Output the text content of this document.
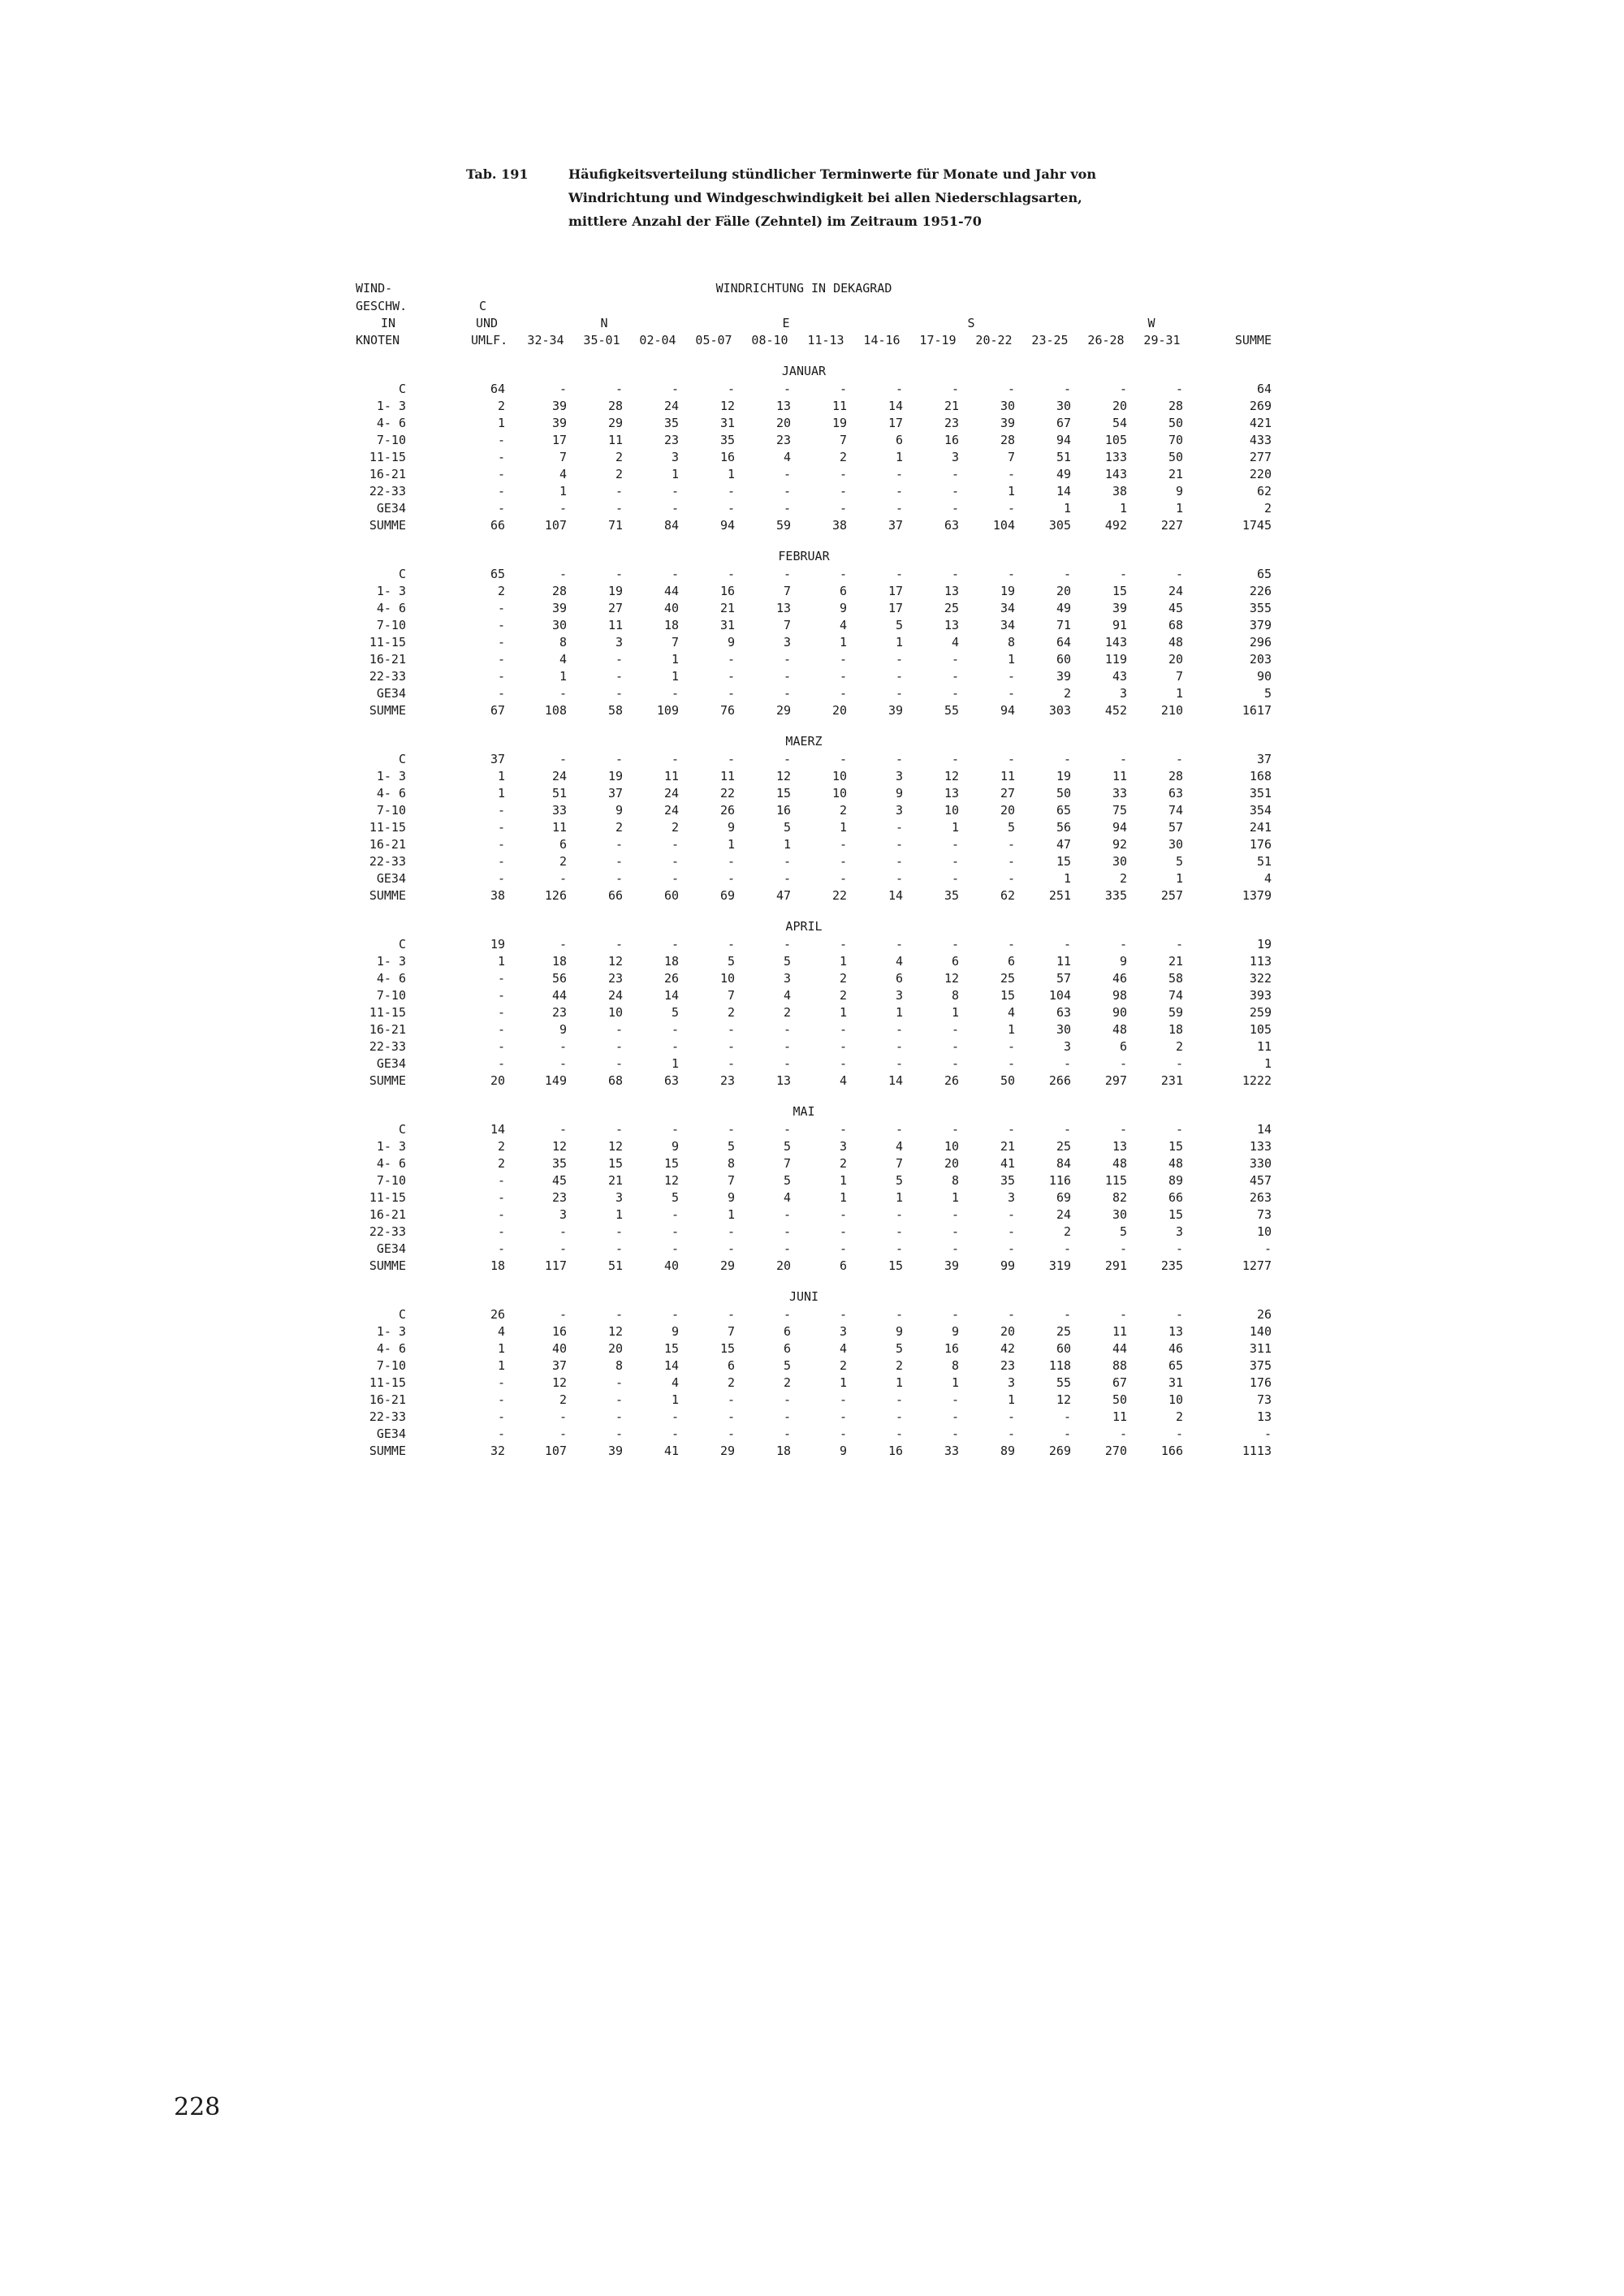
Tab. 191	Häufigkeitsverteilung stündlicher Terminwerte für Monate und Jahr von
Windrichtung und Windgeschwindigkeit bei allen Niederschlagsarten,
mittlere Anzahl der Fälle (Zehntel) im Zeitraum 1951-70
WIND-
GESCHW.
IN
KNOTEN
WINDRICHTUNG IN DEKAGRAD
C
UND
UMLF.
N	E	S	W
32-34 35-01 02-04 05-07 08-10 11-13 14-16 17-19 20-22 23-25 26-28 29-31	SUMME
JANUAR
C	64	-	-	-	-	-	-	-	-	-	-	-	-	64
1- 3	2	39	28	24	12	13	11	14	21	30	30	20	28	269
4- 6	1	39	29	35	31	20	19	17	23	39	67	54	50	421
7-10	-	17	11	23	35	23	7	6	16	28	94	105	70	433
11-15	-	7	2	3	16	4	2	1	3	7	51	133	50	277
16-21	-	4	2	1	1	-	-	-	-	-	49	143	21	220
22-33	-	1	-	-	-	-	-	-	-	1	14	38	9	62
GE34	-	-	-	-	-	-	-	-	-	-	1	1	1	2
SUMME	66	107	71	84	94	59	38	37	63	104	305	492	227	1745
FEBRUAR
C	65	-	-	-	-	-	-	-	-	-	-	-	-	65
1- 3	2	28	19	44	16	7	6	17	13	19	20	15	24	226
4- 6	-	39	27	40	21	13	9	17	25	34	49	39	45	355
7-10	-	30	11	18	31	7	4	5	13	34	71	91	68	379
11-15	-	8	3	7	9	3	1	1	4	8	64	143	48	296
16-21	-	4	-	1	-	-	-	-	-	1	60	119	20	203
22-33	-	1	-	1	-	-	-	-	-	-	39	43	7	90
GE34	-	-	-	-	-	-	-	-	-	-	2	3	1	5
SUMME	67	108	58	109	76	29	20	39	55	94	303	452	210	1617
MAERZ
C	37	-	-	-	-	-	-	-	-	-	-	-	-	37
1- 3	1	24	19	11	11	12	10	3	12	11	19	11	28	168
4- 6	1	51	37	24	22	15	10	9	13	27	50	33	63	351
7-10	-	33	9	24	26	16	2	3	10	20	65	75	74	354
11-15	-	11	2	2	9	5	1	-	1	5	56	94	57	241
16-21	-	6	-	-	1	1	-	-	-	-	47	92	30	176
22-33	-	2	-	-	-	-	-	-	-	-	15	30	5	51
GE34	-	-	-	-	-	-	-	-	-	-	1	2	1	4
SUMME	38	126	66	60	69	47	22	14	35	62	251	335	257	1379
APRIL
C	19	-	-	-	-	-	-	-	-	-	-	-	-	19
1- 3	1	18	12	18	5	5	1	4	6	6	11	9	21	113
4- 6	-	56	23	26	10	3	2	6	12	25	57	46	58	322
7-10	-	44	24	14	7	4	2	3	8	15	104	98	74	393
11-15	-	23	10	5	2	2	1	1	1	4	63	90	59	259
16-21	-	9	-	-	-	-	-	-	-	1	30	48	18	105
22-33	-	-	-	-	-	-	-	-	-	-	3	6	2	11
GE34	-	-	-	1	-	-	-	-	-	-	-	-	-	1
SUMME	20	149	68	63	23	13	4	14	26	50	266	297	231	1222
MAI
C	14	-	-	-	-	-	-	-	-	-	-	-	-	14
1- 3	2	12	12	9	5	5	3	4	10	21	25	13	15	133
4- 6	2	35	15	15	8	7	2	7	20	41	84	48	48	330
7-10	-	45	21	12	7	5	1	5	8	35	116	115	89	457
11-15	-	23	3	5	9	4	1	1	1	3	69	82	66	263
16-21	-	3	1	-	1	-	-	-	-	-	24	30	15	73
22-33	-	-	-	-	-	-	-	-	-	-	2	5	3	10
GE34	-	-	-	-	-	-	-	-	-	-	-	-	-	-
SUMME	18	117	51	40	29	20	6	15	39	99	319	291	235	1277
JUNI
C	26	-	-	-	-	-	-	-	-	-	-	-	-	26
1- 3	4	16	12	9	7	6	3	9	9	20	25	11	13	140
4- 6	1	40	20	15	15	6	4	5	16	42	60	44	46	311
7-10	1	37	8	14	6	5	2	2	8	23	118	88	65	375
11-15	-	12	-	4	2	2	1	1	1	3	55	67	31	176
16-21	-	2	-	1	-	-	-	-	-	1	12	50	10	73
22-33	-	-	-	-	-	-	-	-	-	-	-	11	2	13
GE34	-	-	-	-	-	-	-	-	-	-	-	-	-	-
SUMME	32	107	39	41	29	18	9	16	33	89	269	270	166	1113
228
